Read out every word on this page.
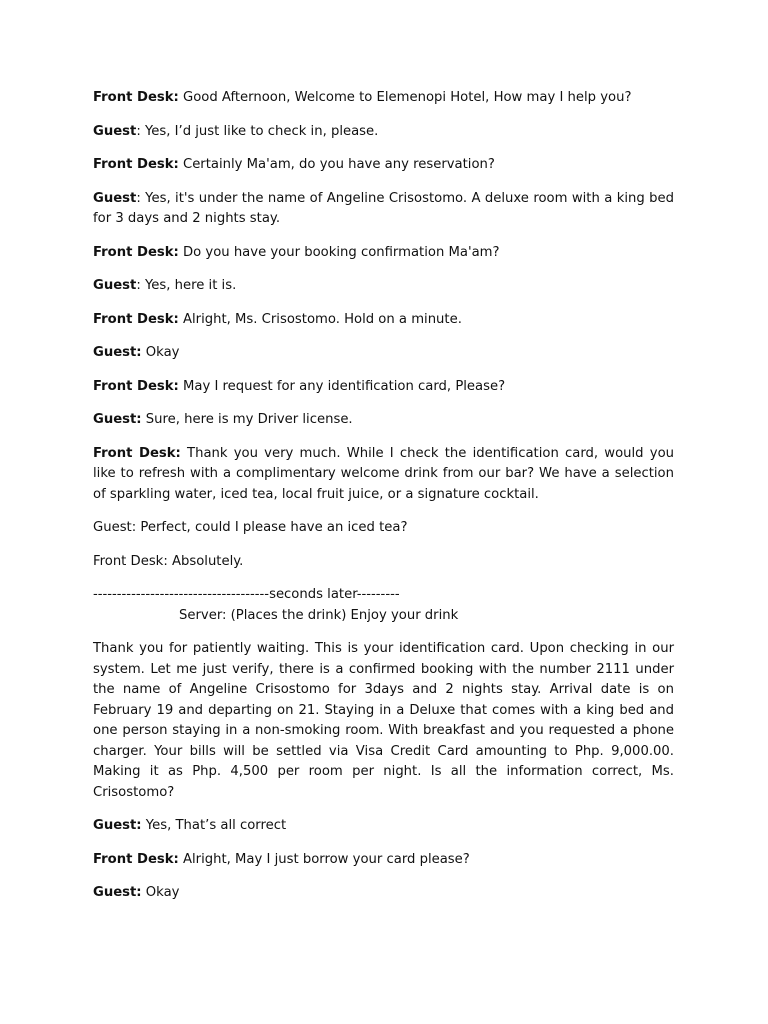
Front Desk: Good Afternoon, Welcome to Elemenopi Hotel, How may I help you?

Guest: Yes, I’d just like to check in, please.

Front Desk: Certainly Ma'am, do you have any reservation?

Guest: Yes, it's under the name of Angeline Crisostomo. A deluxe room with a king bed for 3 days and 2 nights stay.

Front Desk: Do you have your booking confirmation Ma'am?

Guest: Yes, here it is.

Front Desk: Alright, Ms. Crisostomo. Hold on a minute.

Guest: Okay

Front Desk: May I request for any identification card, Please?

Guest: Sure, here is my Driver license.

Front Desk: Thank you very much. While I check the identification card, would you like to refresh with a complimentary welcome drink from our bar? We have a selection of sparkling water, iced tea, local fruit juice, or a signature cocktail.

Guest: Perfect, could I please have an iced tea?

Front Desk: Absolutely.

-------------------------------------seconds later---------

Server: (Places the drink) Enjoy your drink

Thank you for patiently waiting. This is your identification card. Upon checking in our system. Let me just verify, there is a confirmed booking with the number 2111 under the name of Angeline Crisostomo for 3days and 2 nights stay. Arrival date is on February 19 and departing on 21. Staying in a Deluxe that comes with a king bed and one person staying in a non-smoking room. With breakfast and you requested a phone charger. Your bills will be settled via Visa Credit Card amounting to Php. 9,000.00. Making it as Php. 4,500 per room per night. Is all the information correct, Ms. Crisostomo?

Guest: Yes, That’s all correct

Front Desk: Alright, May I just borrow your card please?

Guest: Okay
